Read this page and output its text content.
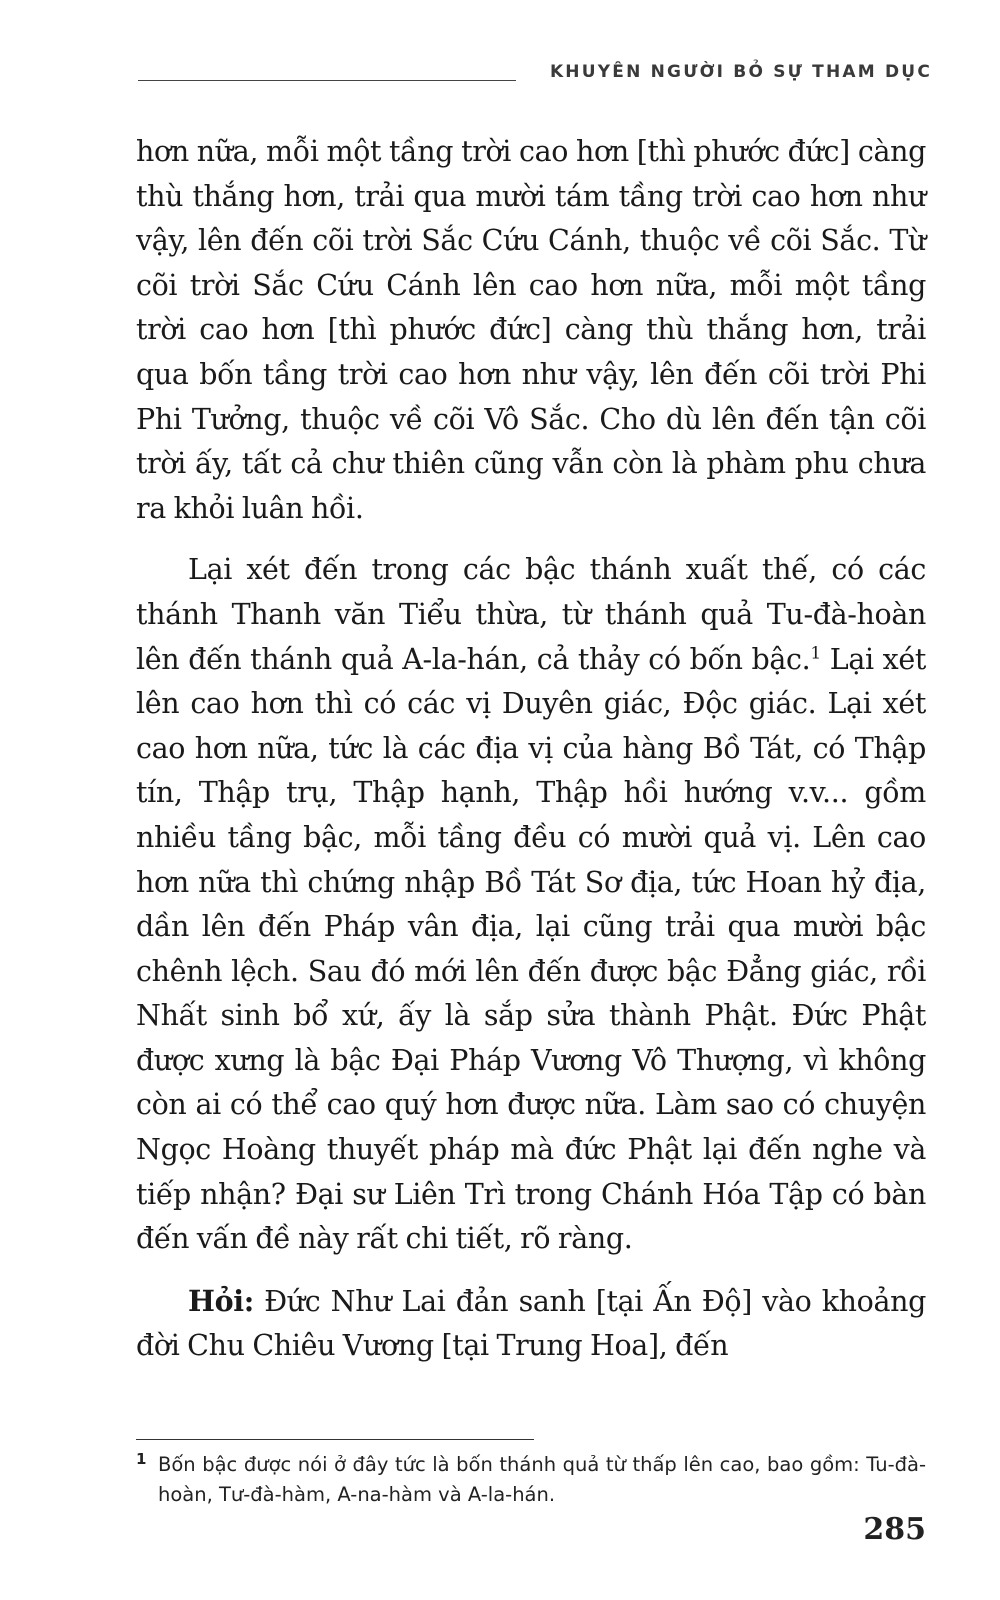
KHUYÊN NGƯỜI BỎ SỰ THAM DỤC

hơn nữa, mỗi một tầng trời cao hơn [thì phước đức] càng thù thắng hơn, trải qua mười tám tầng trời cao hơn như vậy, lên đến cõi trời Sắc Cứu Cánh, thuộc về cõi Sắc. Từ cõi trời Sắc Cứu Cánh lên cao hơn nữa, mỗi một tầng trời cao hơn [thì phước đức] càng thù thắng hơn, trải qua bốn tầng trời cao hơn như vậy, lên đến cõi trời Phi Phi Tưởng, thuộc về cõi Vô Sắc. Cho dù lên đến tận cõi trời ấy, tất cả chư thiên cũng vẫn còn là phàm phu chưa ra khỏi luân hồi.

Lại xét đến trong các bậc thánh xuất thế, có các thánh Thanh văn Tiểu thừa, từ thánh quả Tu-đà-hoàn lên đến thánh quả A-la-hán, cả thảy có bốn bậc.$^1$ Lại xét lên cao hơn thì có các vị Duyên giác, Độc giác. Lại xét cao hơn nữa, tức là các địa vị của hàng Bồ Tát, có Thập tín, Thập trụ, Thập hạnh, Thập hồi hướng v.v... gồm nhiều tầng bậc, mỗi tầng đều có mười quả vị. Lên cao hơn nữa thì chứng nhập Bồ Tát Sơ địa, tức Hoan hỷ địa, dần lên đến Pháp vân địa, lại cũng trải qua mười bậc chênh lệch. Sau đó mới lên đến được bậc Đẳng giác, rồi Nhất sinh bổ xứ, ấy là sắp sửa thành Phật. Đức Phật được xưng là bậc Đại Pháp Vương Vô Thượng, vì không còn ai có thể cao quý hơn được nữa. Làm sao có chuyện Ngọc Hoàng thuyết pháp mà đức Phật lại đến nghe và tiếp nhận? Đại sư Liên Trì trong Chánh Hóa Tập có bàn đến vấn đề này rất chi tiết, rõ ràng.

Hỏi: Đức Như Lai đản sanh [tại Ấn Độ] vào khoảng đời Chu Chiêu Vương [tại Trung Hoa], đến

1 Bốn bậc được nói ở đây tức là bốn thánh quả từ thấp lên cao, bao gồm: Tu-đà-hoàn, Tư-đà-hàm, A-na-hàm và A-la-hán.
285
